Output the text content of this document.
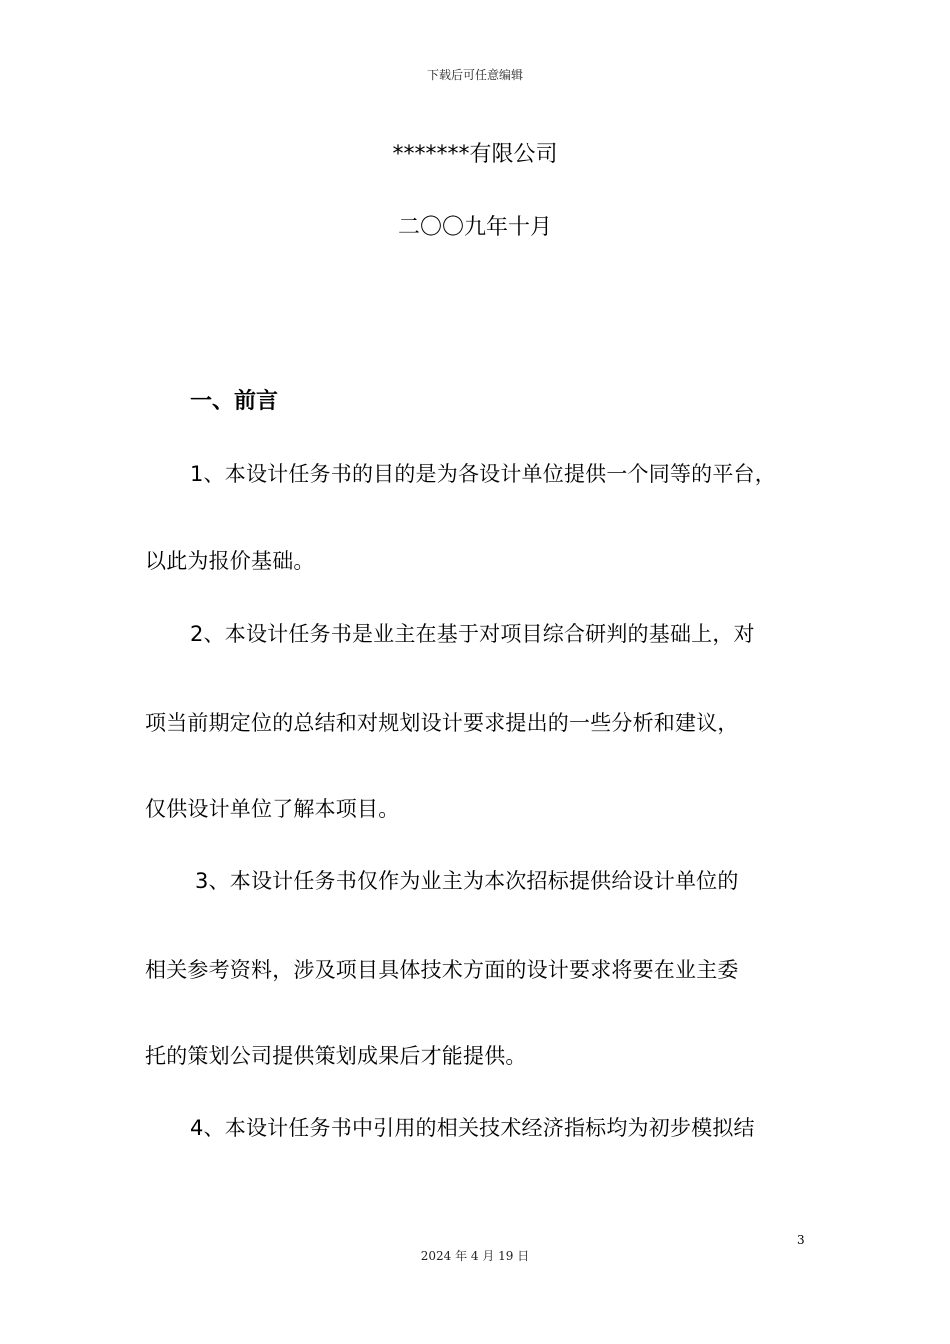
下载后可任意编辑
*******有限公司
二〇〇九年十月
一、前言
1、本设计任务书的目的是为各设计单位提供一个同等的平台，
以此为报价基础。
2、本设计任务书是业主在基于对项目综合研判的基础上，对
项当前期定位的总结和对规划设计要求提出的一些分析和建议，
仅供设计单位了解本项目。
3、本设计任务书仅作为业主为本次招标提供给设计单位的
相关参考资料，涉及项目具体技术方面的设计要求将要在业主委
托的策划公司提供策划成果后才能提供。
4、本设计任务书中引用的相关技术经济指标均为初步模拟结
3
2024 年 4 月 19 日
